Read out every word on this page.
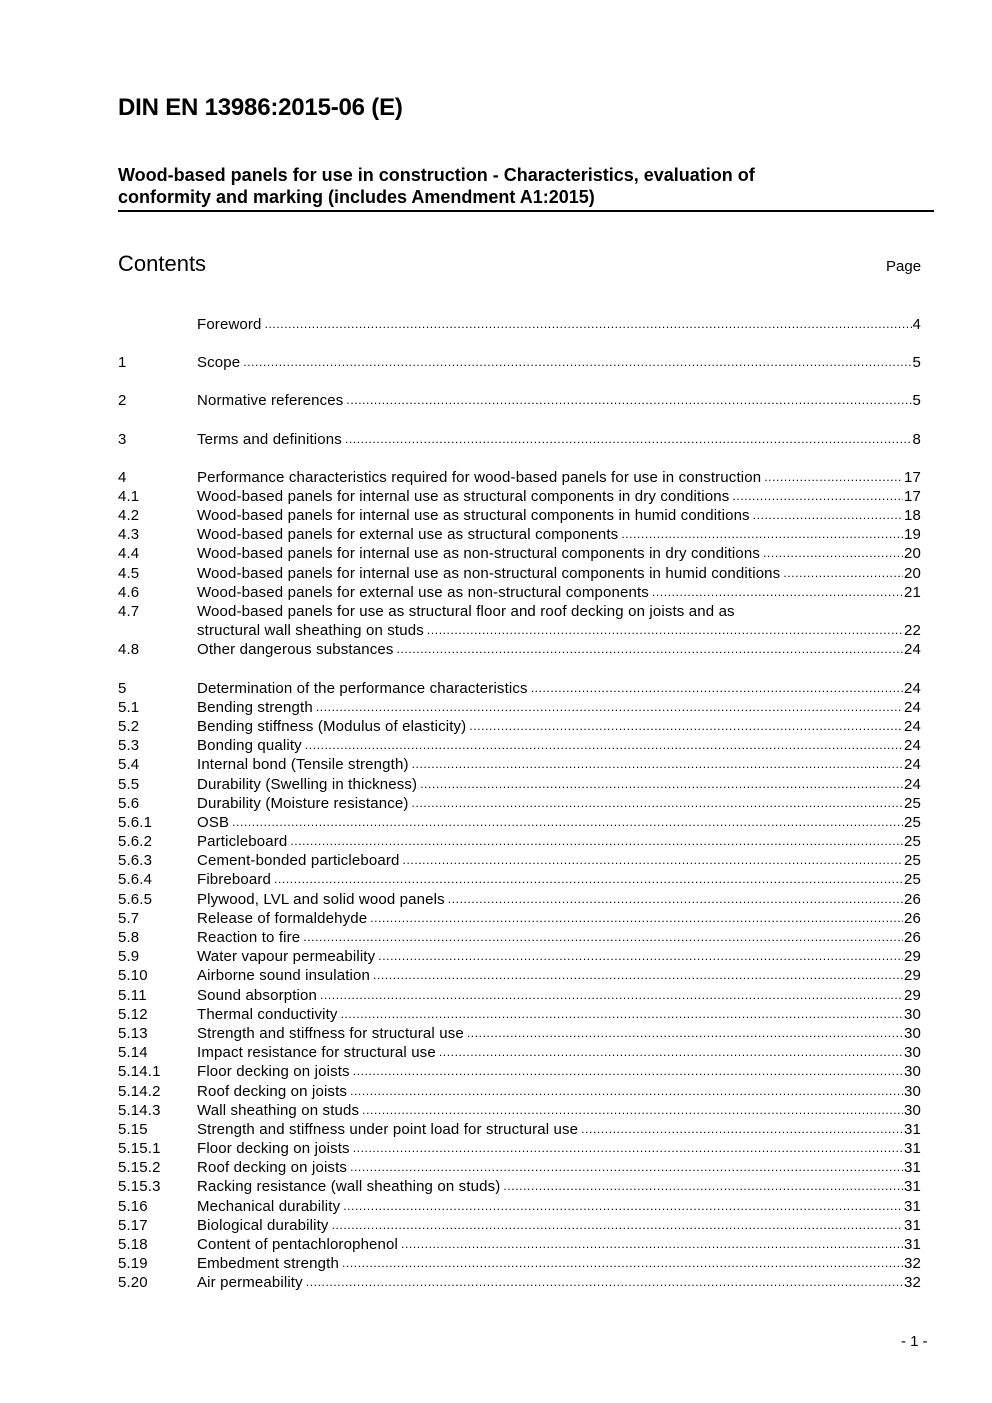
DIN EN 13986:2015-06 (E)
Wood-based panels for use in construction - Characteristics, evaluation of
conformity and marking (includes Amendment A1:2015)
Contents	Page
Foreword .....	4
1	Scope .....	5
2	Normative references .....	5
3	Terms and definitions .....	8
4	Performance characteristics required for wood-based panels for use in construction .....	17
4.1	Wood-based panels for internal use as structural components in dry conditions .....	17
4.2	Wood-based panels for internal use as structural components in humid conditions .....	18
4.3	Wood-based panels for external use as structural components .....	19
4.4	Wood-based panels for internal use as non-structural components in dry conditions .....	20
4.5	Wood-based panels for internal use as non-structural components in humid conditions .....	20
4.6	Wood-based panels for external use as non-structural components .....	21
4.7	Wood-based panels for use as structural floor and roof decking on joists and as
structural wall sheathing on studs .....	22
4.8	Other dangerous substances .....	24
5	Determination of the performance characteristics .....	24
5.1	Bending strength .....	24
5.2	Bending stiffness (Modulus of elasticity) .....	24
5.3	Bonding quality .....	24
5.4	Internal bond (Tensile strength) .....	24
5.5	Durability (Swelling in thickness) .....	24
5.6	Durability (Moisture resistance) .....	25
5.6.1	OSB .....	25
5.6.2	Particleboard .....	25
5.6.3	Cement-bonded particleboard .....	25
5.6.4	Fibreboard .....	25
5.6.5	Plywood, LVL and solid wood panels .....	26
5.7	Release of formaldehyde .....	26
5.8	Reaction to fire .....	26
5.9	Water vapour permeability .....	29
5.10	Airborne sound insulation .....	29
5.11	Sound absorption .....	29
5.12	Thermal conductivity .....	30
5.13	Strength and stiffness for structural use .....	30
5.14	Impact resistance for structural use .....	30
5.14.1	Floor decking on joists .....	30
5.14.2	Roof decking on joists .....	30
5.14.3	Wall sheathing on studs .....	30
5.15	Strength and stiffness under point load for structural use .....	31
5.15.1	Floor decking on joists .....	31
5.15.2	Roof decking on joists .....	31
5.15.3	Racking resistance (wall sheathing on studs) .....	31
5.16	Mechanical durability .....	31
5.17	Biological durability .....	31
5.18	Content of pentachlorophenol .....	31
5.19	Embedment strength .....	32
5.20	Air permeability .....	32
- 1 -
